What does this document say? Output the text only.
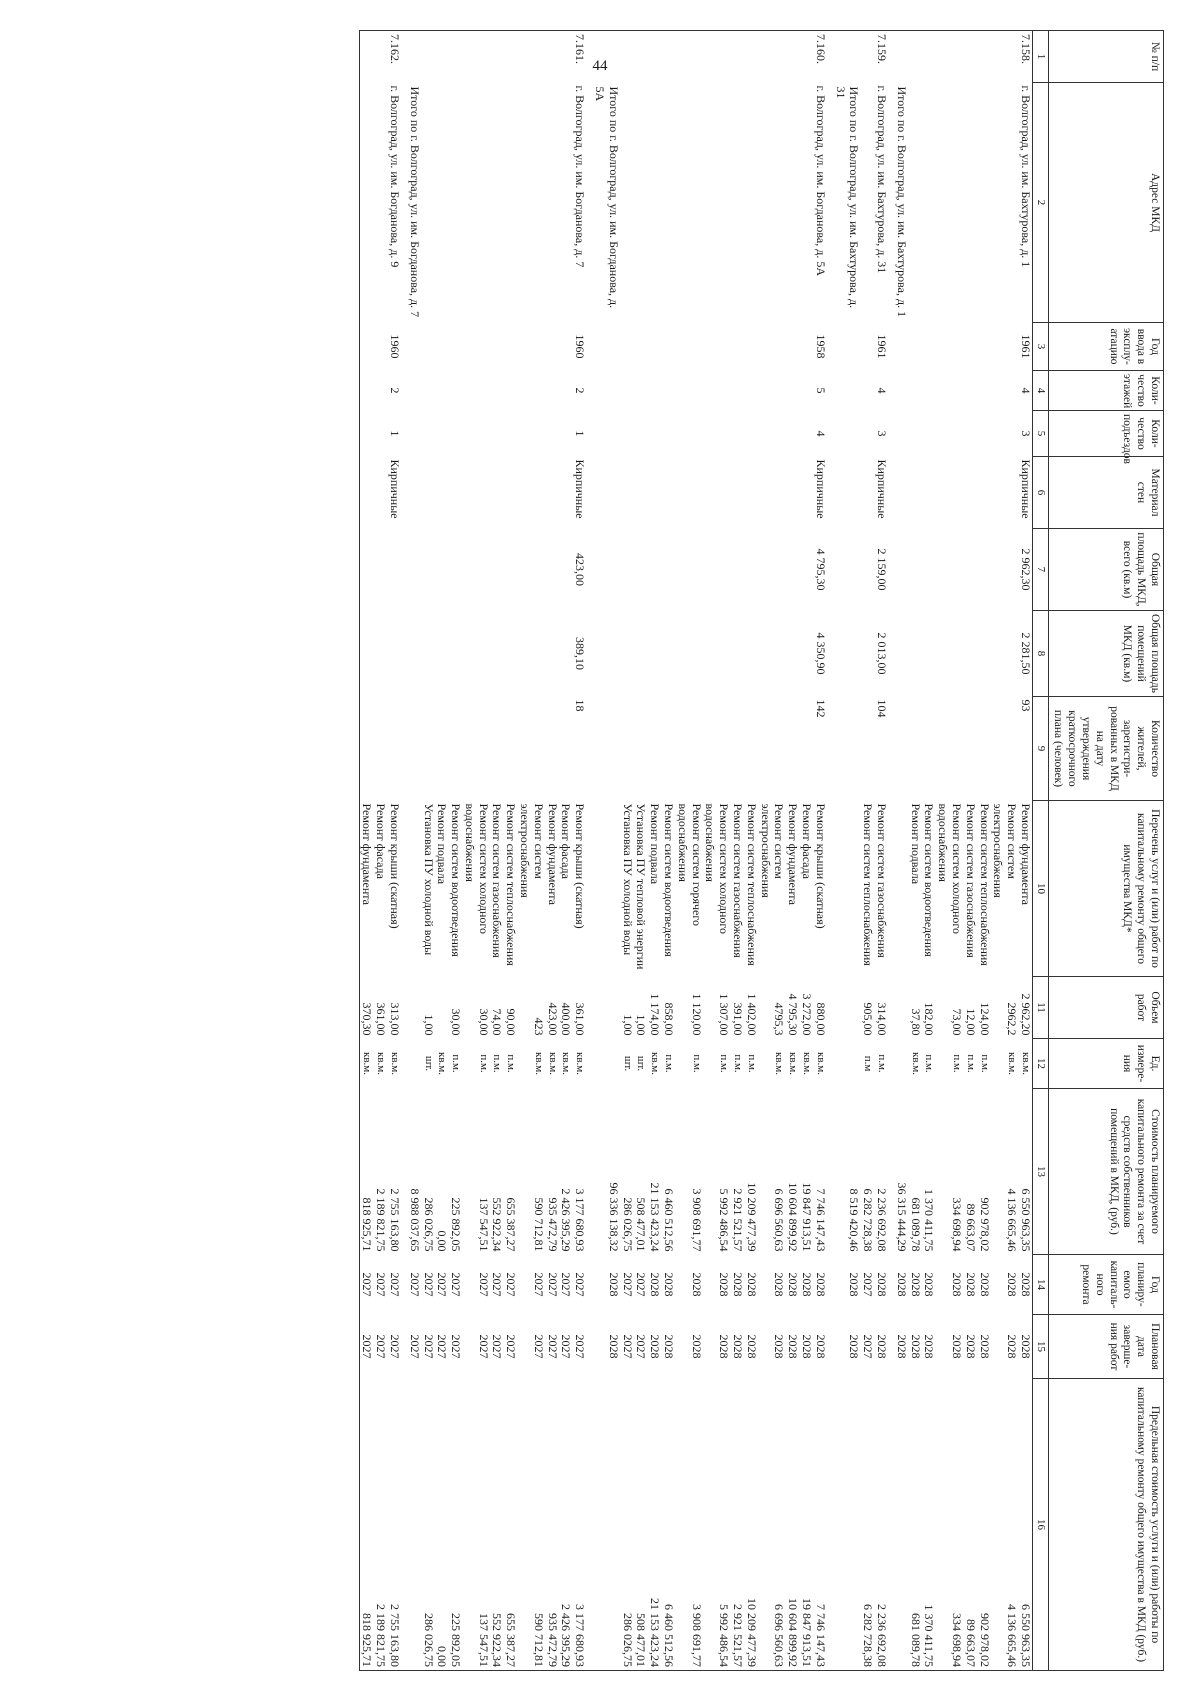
44	№ п/п	Адрес МКД	Год ввода в эксплу-атацию	Коли-чество этажей	Коли-чество подъездов	Материал стен	Общая площадь МКД, всего (кв.м)	Общая площадь помещений МКД (кв.м)	Количество жителей, зарегистри-рованных в МКД на дату утверждения краткосрочного плана (человек)	Перечень услуг и (или) работ по капитальному ремонту общего имущества МКД*	Объем работ	Ед. измере-ния	Стоимость планируемого капитального ремонта за счет средств собственников помещений в МКД, (руб.)	Год планиру-емого капиталь-ного ремонта	Плановая дата заверше-ния работ	Предельная стоимость услуги и (или) работы по капитальному ремонту общего имущества в МКД (руб.)
1	2	3	4	5	6	7	8	9	10	11	12	13	14	15	16
7.158.	г. Волгоград, ул. им. Бахтурова, д. 1	1961	4	3	Кирпичные	2 962,30	2 281,50	93	Ремонт фундамента	2 962,20	кв.м.	6 550 963,35	2028	2028	6 550 963,35
									Ремонт систем электроснабжения	2962,2	кв.м.	4 136 665,46	2028	2028	4 136 665,46
									Ремонт систем теплоснабжения	124,00	п.м.	902 978,02	2028	2028	902 978,02
									Ремонт систем газоснабжения	12,00	п.м.	89 663,07	2028	2028	89 663,07
									Ремонт систем холодного водоснабжения	73,00	п.м.	334 698,94	2028	2028	334 698,94
									Ремонт систем водоотведения	182,00	п.м.	1 370 411,75	2028	2028	1 370 411,75
									Ремонт подвала	37,80	кв.м.	681 089,78	2028	2028	681 089,78
	Итого по г. Волгоград, ул. им. Бахтурова, д. 1											36 315 444,29	2028	2028	

7.159.	г. Волгоград, ул. им. Бахтурова, д. 31	1961	4	3	Кирпичные	2 159,00	2 013,00	104	Ремонт систем газоснабжения	314,00	п.м.	2 236 692,08	2028	2028	2 236 692,08
									Ремонт систем теплоснабжения	905,00	п.м	6 282 728,38	2027	2027	6 282 728,38
	Итого по г. Волгоград, ул. им. Бахтурова, д. 31											8 519 420,46	2028	2028	

7.160.	г. Волгоград, ул. им. Богданова, д. 5А	1958	5	4	Кирпичные	4 795,30	4 350,90	142	Ремонт крыши (скатная)	880,00	кв.м.	7 746 147,43	2028	2028	7 746 147,43
									Ремонт фасада	3 272,00	кв.м.	19 847 913,51	2028	2028	19 847 913,51
									Ремонт фундамента	4 795,30	кв.м.	10 604 899,92	2028	2028	10 604 899,92
									Ремонт систем электроснабжения	4795,3	кв.м.	6 696 560,63	2028	2028	6 696 560,63
									Ремонт систем теплоснабжения	1 402,00	п.м.	10 209 477,39	2028	2028	10 209 477,39
									Ремонт систем газоснабжения	391,00	п.м.	2 921 521,57	2028	2028	2 921 521,57
									Ремонт систем холодного водоснабжения	1 307,00	п.м.	5 992 486,54	2028	2028	5 992 486,54
									Ремонт систем горячего водоснабжения	1 120,00	п.м.	3 908 691,77	2028	2028	3 908 691,77
									Ремонт систем водоотведения	858,00	п.м.	6 460 512,56	2028	2028	6 460 512,56
									Ремонт подвала	1 174,00	кв.м.	21 153 423,24	2028	2028	21 153 423,24
									Установка ПУ тепловой энергии	1,00	шт.	508 477,01	2027	2027	508 477,01
									Установка ПУ холодной воды	1,00	шт.	286 026,75	2027	2027	286 026,75
	Итого по г. Волгоград, ул. им. Богданова, д. 5А											96 336 138,32	2028	2028	

7.161.	г. Волгоград, ул. им. Богданова, д. 7	1960	2	1	Кирпичные	423,00	389,10	18	Ремонт крыши (скатная)	361,00	кв.м.	3 177 680,93	2027	2027	3 177 680,93
									Ремонт фасада	400,00	кв.м.	2 426 395,29	2027	2027	2 426 395,29
									Ремонт фундамента	423,00	кв.м.	935 472,79	2027	2027	935 472,79
									Ремонт систем электроснабжения	423	кв.м.	590 712,81	2027	2027	590 712,81
									Ремонт систем теплоснабжения	90,00	п.м.	655 387,27	2027	2027	655 387,27
									Ремонт систем газоснабжения	74,00	п.м.	552 922,34	2027	2027	552 922,34
									Ремонт систем холодного водоснабжения	30,00	п.м.	137 547,51	2027	2027	137 547,51
									Ремонт систем водоотведения	30,00	п.м.	225 892,05	2027	2027	225 892,05
									Ремонт подвала		кв.м.	0,00	2027	2027	0,00
									Установка ПУ холодной воды	1,00	шт.	286 026,75	2027	2027	286 026,75
	Итого по г. Волгоград, ул. им. Богданова, д. 7											8 988 037,65	2027	2027	

7.162.	г. Волгоград, ул. им. Богданова, д. 9	1960	2	1	Кирпичные				Ремонт крыши (скатная)	313,00	кв.м.	2 755 163,80	2027	2027	2 755 163,80
									Ремонт фасада	361,00	кв.м.	2 189 821,75	2027	2027	2 189 821,75
									Ремонт фундамента	370,30	кв.м.	818 925,71	2027	2027	818 925,71
